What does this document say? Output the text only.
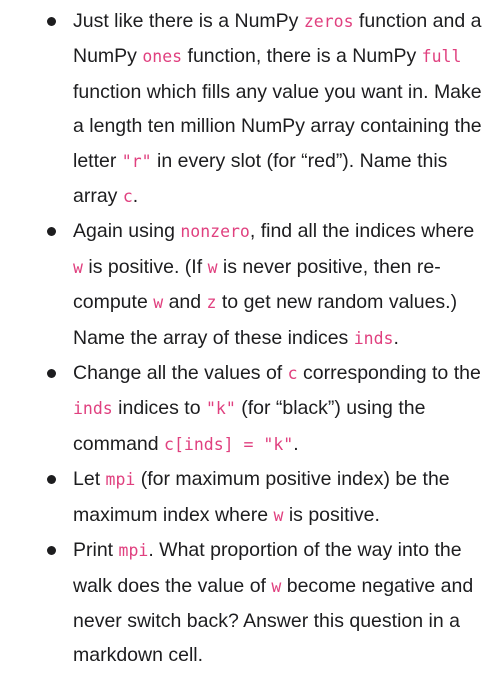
Just like there is a NumPy zeros function and a NumPy ones function, there is a NumPy full function which fills any value you want in. Make a length ten million NumPy array containing the letter "r" in every slot (for “red”). Name this array c.
Again using nonzero, find all the indices where w is positive. (If w is never positive, then re-compute w and z to get new random values.) Name the array of these indices inds.
Change all the values of c corresponding to the inds indices to "k" (for “black”) using the command c[inds] = "k".
Let mpi (for maximum positive index) be the maximum index where w is positive.
Print mpi. What proportion of the way into the walk does the value of w become negative and never switch back? Answer this question in a markdown cell.
